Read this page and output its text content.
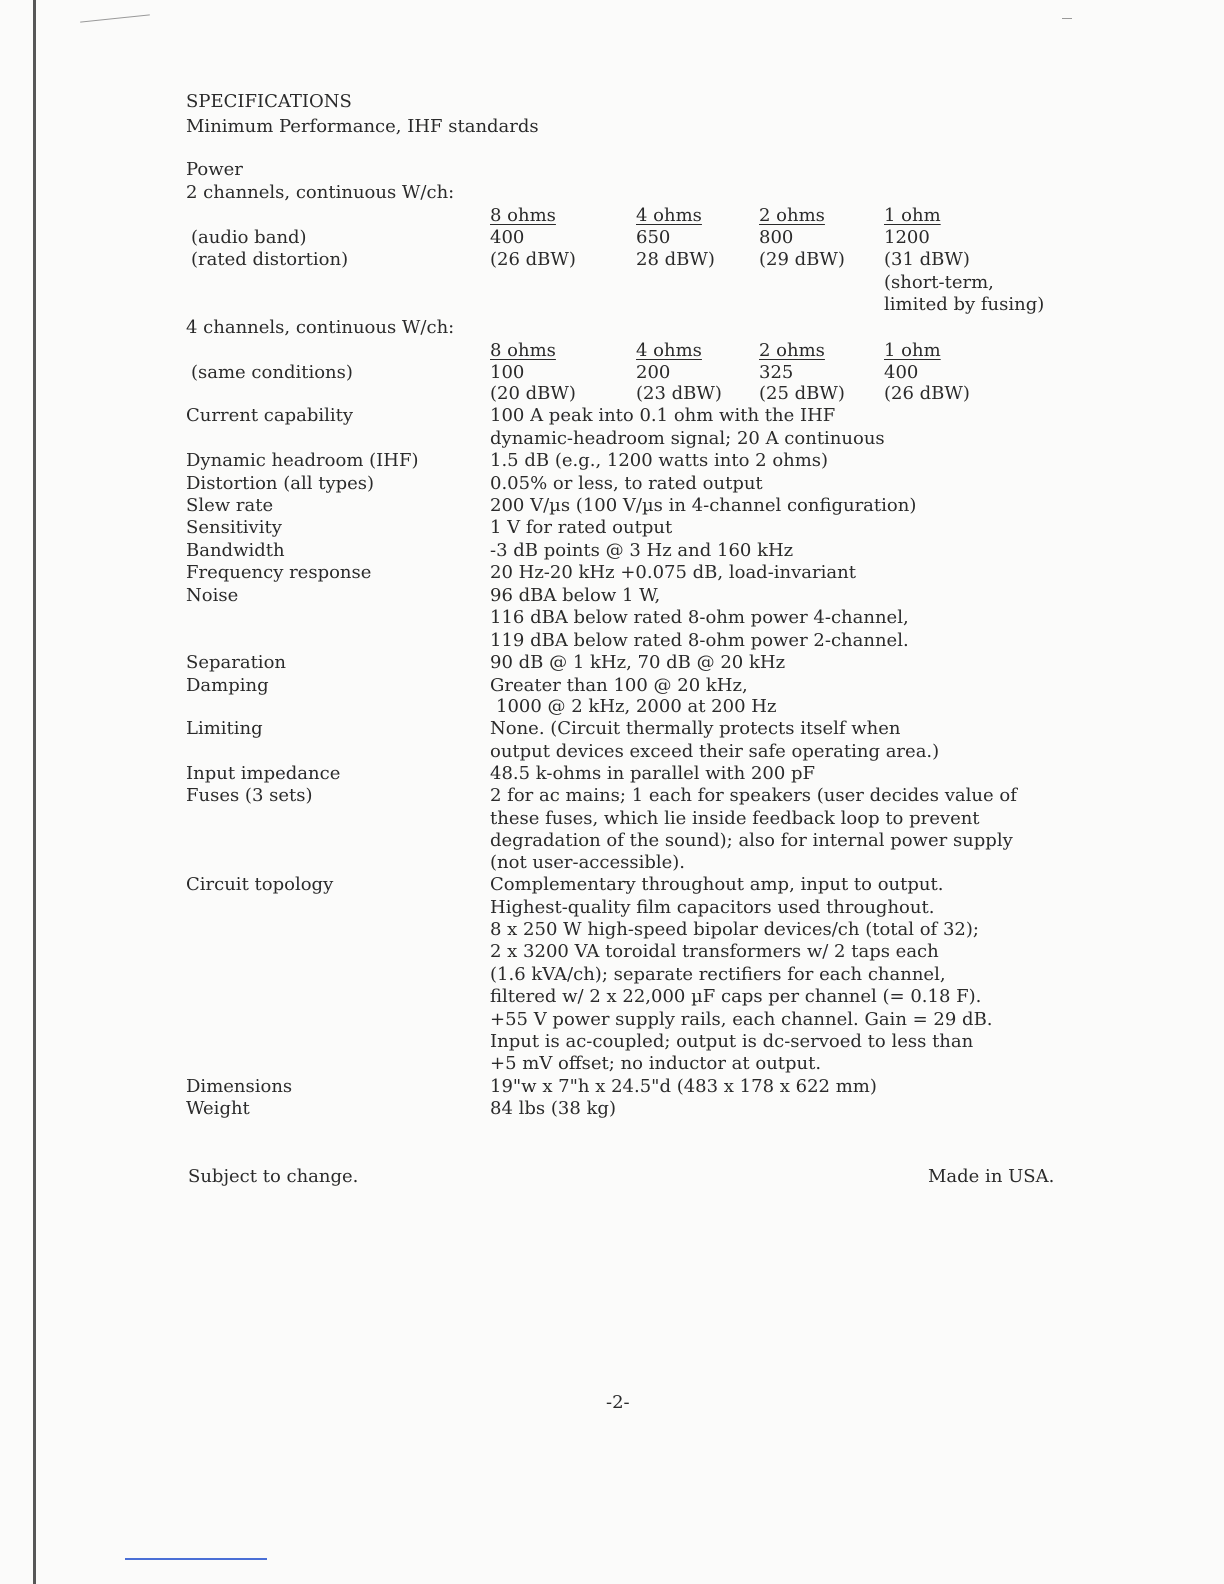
SPECIFICATIONS
Minimum Performance, IHF standards
Power
2 channels, continuous W/ch:
8 ohms	4 ohms	2 ohms	1 ohm
(audio band)	400	650	800	1200
(rated distortion)	(26 dBW)	28 dBW) (29 dBW) (31 dBW)
(short-term,
limited by fusing)
4 channels, continuous W/ch:
8 ohms	4 ohms	2 ohms	1 ohm
(same conditions)	100	200	325	400
(20 dBW)	(23 dBW) (25 dBW) (26 dBW)
Current capability	100 A peak into 0.1 ohm with the IHF
dynamic-headroom signal; 20 A continuous
Dynamic headroom (IHF)	1.5 dB (e.g., 1200 watts into 2 ohms)
Distortion (all types)	0.05% or less, to rated output
Slew rate	200 V/µs (100 V/µs in 4-channel configuration)
Sensitivity	1 V for rated output
Bandwidth	-3 dB points @ 3 Hz and 160 kHz
Frequency response	20 Hz-20 kHz +0.075 dB, load-invariant
Noise	96 dBA below 1 W,
116 dBA below rated 8-ohm power 4-channel,
119 dBA below rated 8-ohm power 2-channel.
Separation	90 dB @ 1 kHz, 70 dB @ 20 kHz
Damping	Greater than 100 @ 20 kHz,
1000 @ 2 kHz, 2000 at 200 Hz
Limiting	None. (Circuit thermally protects itself when
output devices exceed their safe operating area.)
Input impedance	48.5 k-ohms in parallel with 200 pF
Fuses (3 sets)	2 for ac mains; 1 each for speakers (user decides value of
these fuses, which lie inside feedback loop to prevent
degradation of the sound); also for internal power supply
(not user-accessible).
Circuit topology	Complementary throughout amp, input to output.
Highest-quality film capacitors used throughout.
8 x 250 W high-speed bipolar devices/ch (total of 32);
2 x 3200 VA toroidal transformers w/ 2 taps each
(1.6 kVA/ch); separate rectifiers for each channel,
filtered w/ 2 x 22,000 µF caps per channel (= 0.18 F).
+55 V power supply rails, each channel. Gain = 29 dB.
Input is ac-coupled; output is dc-servoed to less than
+5 mV offset; no inductor at output.
Dimensions	19"w x 7"h x 24.5"d (483 x 178 x 622 mm)
Weight	84 lbs (38 kg)
Subject to change.	Made in USA.
-2-
